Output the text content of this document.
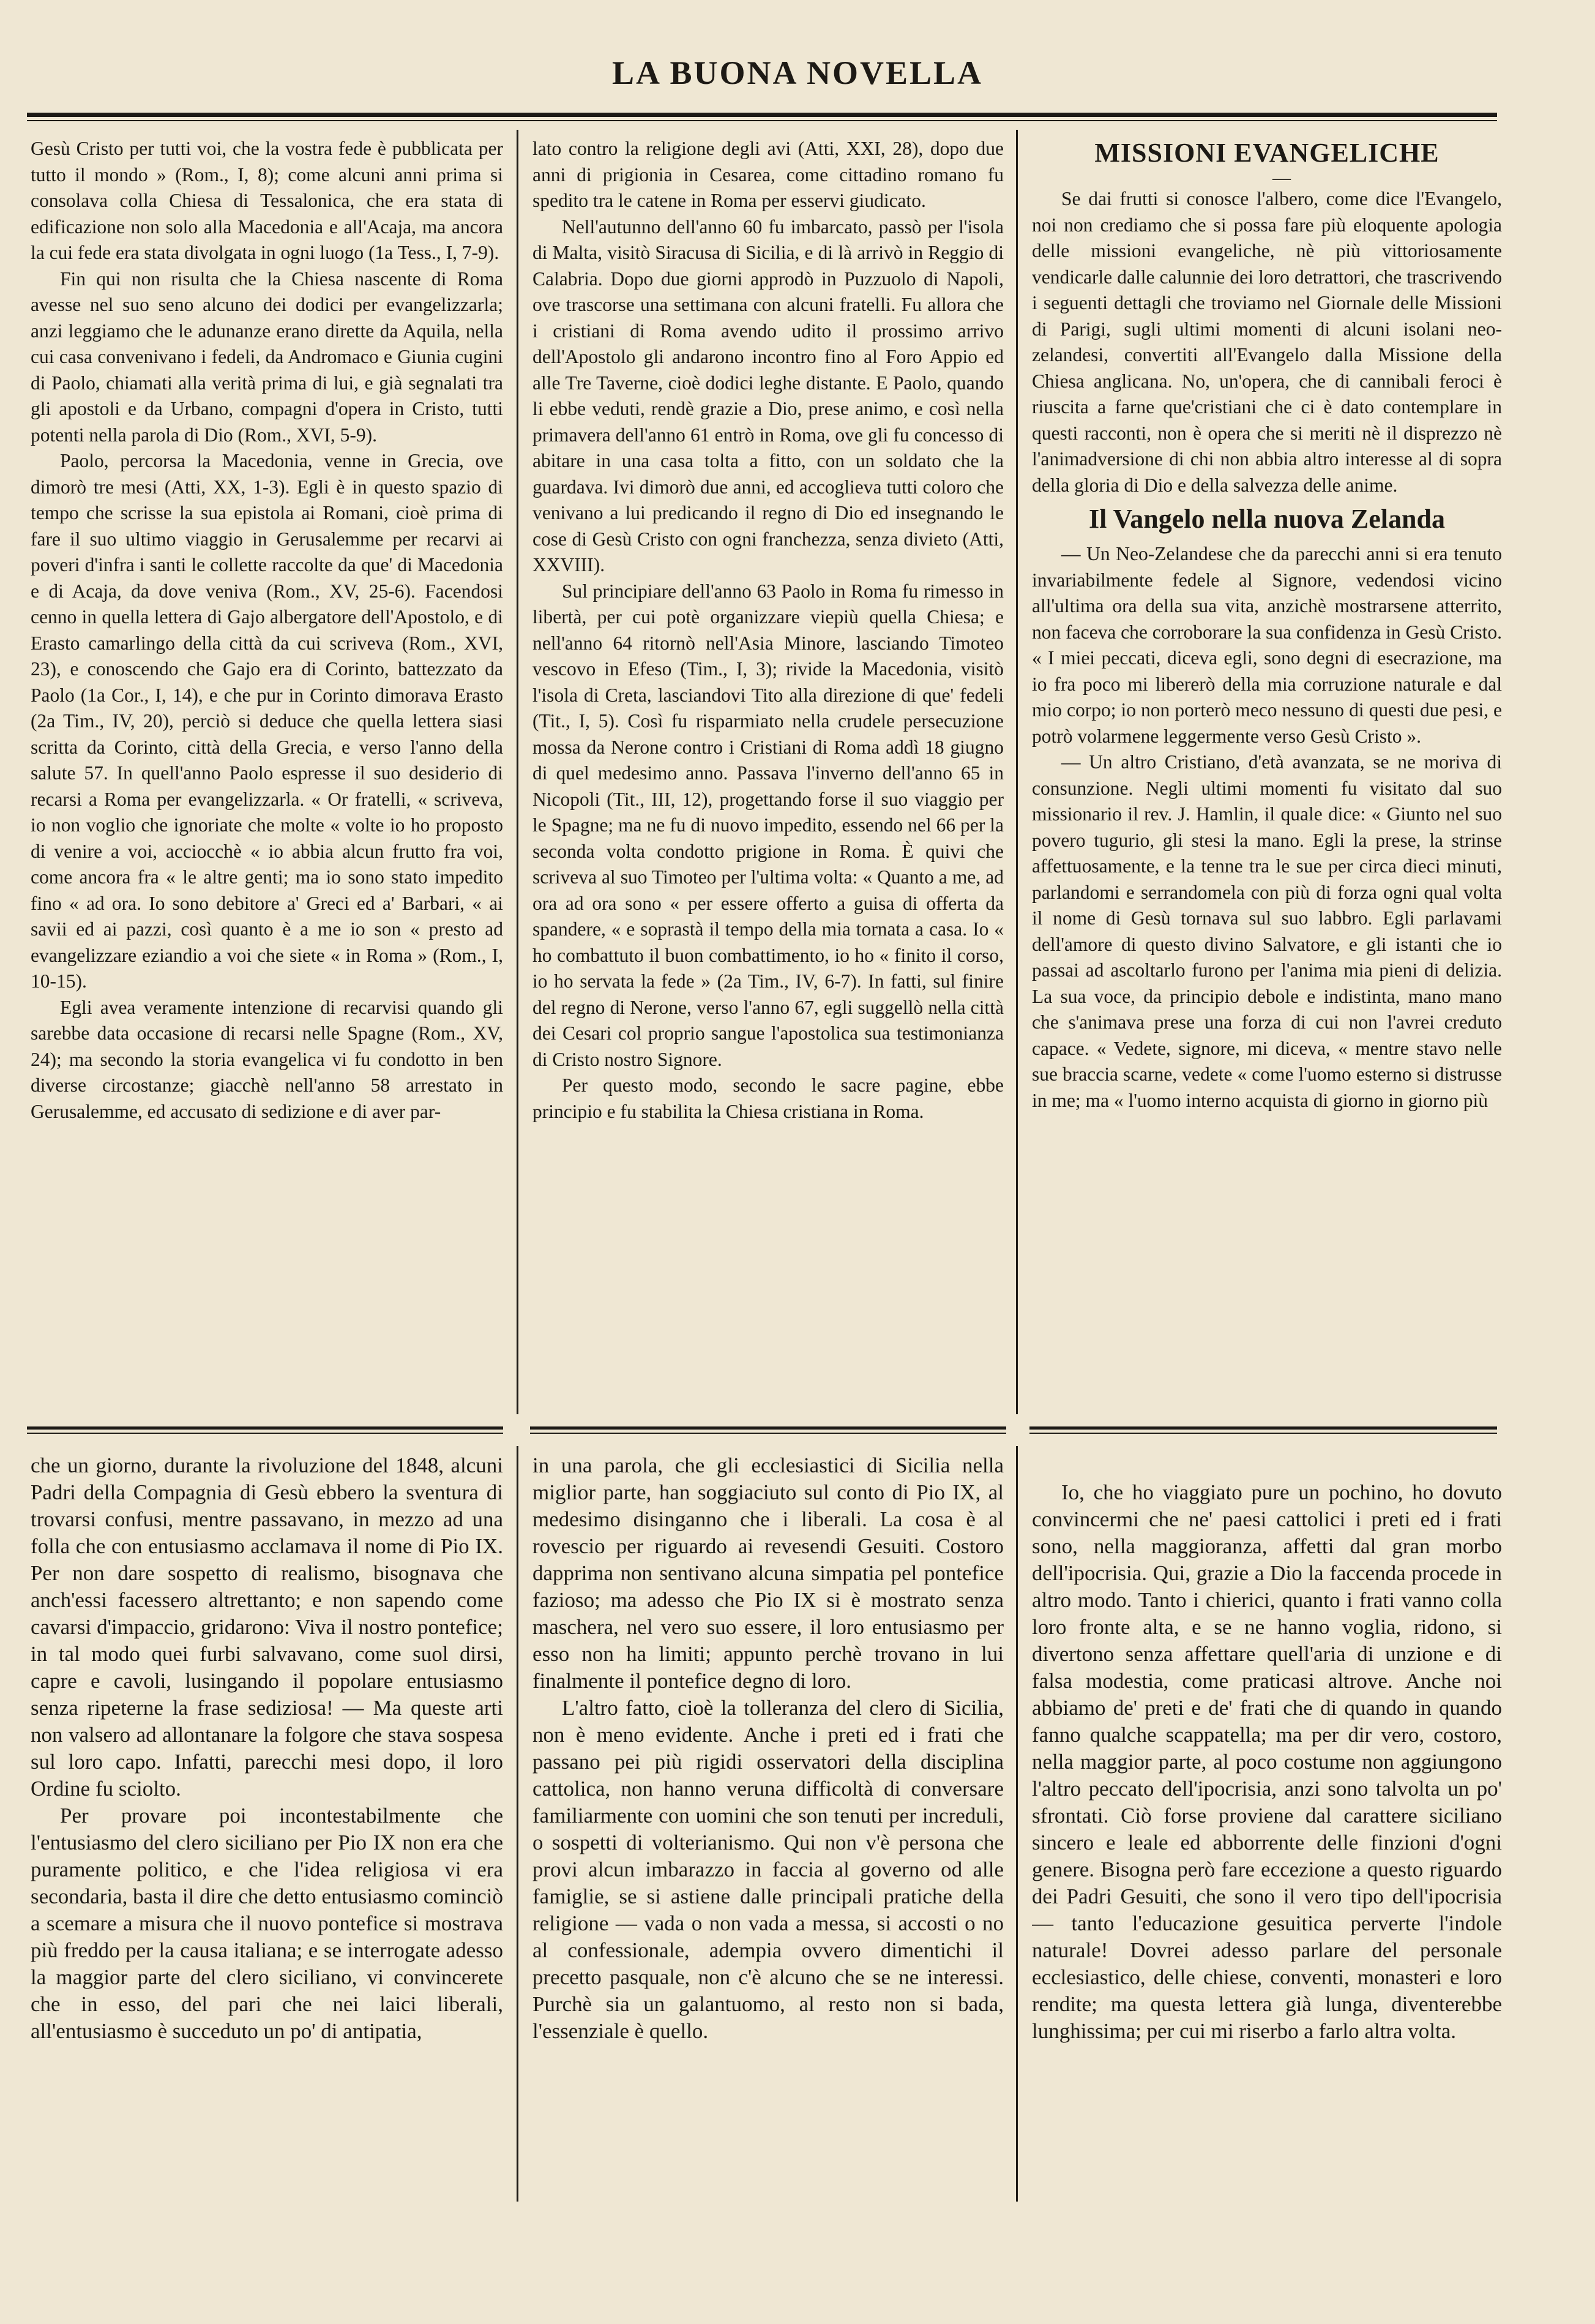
LA BUONA NOVELLA

Gesù Cristo per tutti voi, che la vostra fede è pubblicata per tutto il mondo » (Rom., I, 8); come alcuni anni prima si consolava colla Chiesa di Tessalonica, che era stata di edificazione non solo alla Macedonia e all'Acaja, ma ancora la cui fede era stata divolgata in ogni luogo (1a Tess., I, 7-9).

Fin qui non risulta che la Chiesa nascente di Roma avesse nel suo seno alcuno dei dodici per evangelizzarla; anzi leggiamo che le adunanze erano dirette da Aquila, nella cui casa convenivano i fedeli, da Andromaco e Giunia cugini di Paolo, chiamati alla verità prima di lui, e già segnalati tra gli apostoli e da Urbano, compagni d'opera in Cristo, tutti potenti nella parola di Dio (Rom., XVI, 5-9).

Paolo, percorsa la Macedonia, venne in Grecia, ove dimorò tre mesi (Atti, XX, 1-3). Egli è in questo spazio di tempo che scrisse la sua epistola ai Romani, cioè prima di fare il suo ultimo viaggio in Gerusalemme per recarvi ai poveri d'infra i santi le collette raccolte da que' di Macedonia e di Acaja, da dove veniva (Rom., XV, 25-6). Facendosi cenno in quella lettera di Gajo albergatore dell'Apostolo, e di Erasto camarlingo della città da cui scriveva (Rom., XVI, 23), e conoscendo che Gajo era di Corinto, battezzato da Paolo (1a Cor., I, 14), e che pur in Corinto dimorava Erasto (2a Tim., IV, 20), perciò si deduce che quella lettera siasi scritta da Corinto, città della Grecia, e verso l'anno della salute 57. In quell'anno Paolo espresse il suo desiderio di recarsi a Roma per evangelizzarla. « Or fratelli, « scriveva, io non voglio che ignoriate che molte « volte io ho proposto di venire a voi, acciocchè « io abbia alcun frutto fra voi, come ancora fra « le altre genti; ma io sono stato impedito fino « ad ora. Io sono debitore a' Greci ed a' Barbari, « ai savii ed ai pazzi, così quanto è a me io son « presto ad evangelizzare eziandio a voi che siete « in Roma » (Rom., I, 10-15).

Egli avea veramente intenzione di recarvisi quando gli sarebbe data occasione di recarsi nelle Spagne (Rom., XV, 24); ma secondo la storia evangelica vi fu condotto in ben diverse circostanze; giacchè nell'anno 58 arrestato in Gerusalemme, ed accusato di sedizione e di aver par-

lato contro la religione degli avi (Atti, XXI, 28), dopo due anni di prigionia in Cesarea, come cittadino romano fu spedito tra le catene in Roma per esservi giudicato.

Nell'autunno dell'anno 60 fu imbarcato, passò per l'isola di Malta, visitò Siracusa di Sicilia, e di là arrivò in Reggio di Calabria. Dopo due giorni approdò in Puzzuolo di Napoli, ove trascorse una settimana con alcuni fratelli. Fu allora che i cristiani di Roma avendo udito il prossimo arrivo dell'Apostolo gli andarono incontro fino al Foro Appio ed alle Tre Taverne, cioè dodici leghe distante. E Paolo, quando li ebbe veduti, rendè grazie a Dio, prese animo, e così nella primavera dell'anno 61 entrò in Roma, ove gli fu concesso di abitare in una casa tolta a fitto, con un soldato che la guardava. Ivi dimorò due anni, ed accoglieva tutti coloro che venivano a lui predicando il regno di Dio ed insegnando le cose di Gesù Cristo con ogni franchezza, senza divieto (Atti, XXVIII).

Sul principiare dell'anno 63 Paolo in Roma fu rimesso in libertà, per cui potè organizzare viepiù quella Chiesa; e nell'anno 64 ritornò nell'Asia Minore, lasciando Timoteo vescovo in Efeso (Tim., I, 3); rivide la Macedonia, visitò l'isola di Creta, lasciandovi Tito alla direzione di que' fedeli (Tit., I, 5). Così fu risparmiato nella crudele persecuzione mossa da Nerone contro i Cristiani di Roma addì 18 giugno di quel medesimo anno. Passava l'inverno dell'anno 65 in Nicopoli (Tit., III, 12), progettando forse il suo viaggio per le Spagne; ma ne fu di nuovo impedito, essendo nel 66 per la seconda volta condotto prigione in Roma. È quivi che scriveva al suo Timoteo per l'ultima volta: « Quanto a me, ad ora ad ora sono « per essere offerto a guisa di offerta da spandere, « e soprastà il tempo della mia tornata a casa. Io « ho combattuto il buon combattimento, io ho « finito il corso, io ho servata la fede » (2a Tim., IV, 6-7). In fatti, sul finire del regno di Nerone, verso l'anno 67, egli suggellò nella città dei Cesari col proprio sangue l'apostolica sua testimonianza di Cristo nostro Signore.

Per questo modo, secondo le sacre pagine, ebbe principio e fu stabilita la Chiesa cristiana in Roma.

MISSIONI EVANGELICHE

—

Se dai frutti si conosce l'albero, come dice l'Evangelo, noi non crediamo che si possa fare più eloquente apologia delle missioni evangeliche, nè più vittoriosamente vendicarle dalle calunnie dei loro detrattori, che trascrivendo i seguenti dettagli che troviamo nel Giornale delle Missioni di Parigi, sugli ultimi momenti di alcuni isolani neo-zelandesi, convertiti all'Evangelo dalla Missione della Chiesa anglicana. No, un'opera, che di cannibali feroci è riuscita a farne que'cristiani che ci è dato contemplare in questi racconti, non è opera che si meriti nè il disprezzo nè l'animadversione di chi non abbia altro interesse al di sopra della gloria di Dio e della salvezza delle anime.

Il Vangelo nella nuova Zelanda

— Un Neo-Zelandese che da parecchi anni si era tenuto invariabilmente fedele al Signore, vedendosi vicino all'ultima ora della sua vita, anzichè mostrarsene atterrito, non faceva che corroborare la sua confidenza in Gesù Cristo. « I miei peccati, diceva egli, sono degni di esecrazione, ma io fra poco mi libererò della mia corruzione naturale e dal mio corpo; io non porterò meco nessuno di questi due pesi, e potrò volarmene leggermente verso Gesù Cristo ».

— Un altro Cristiano, d'età avanzata, se ne moriva di consunzione. Negli ultimi momenti fu visitato dal suo missionario il rev. J. Hamlin, il quale dice: « Giunto nel suo povero tugurio, gli stesi la mano. Egli la prese, la strinse affettuosamente, e la tenne tra le sue per circa dieci minuti, parlandomi e serrandomela con più di forza ogni qual volta il nome di Gesù tornava sul suo labbro. Egli parlavami dell'amore di questo divino Salvatore, e gli istanti che io passai ad ascoltarlo furono per l'anima mia pieni di delizia. La sua voce, da principio debole e indistinta, mano mano che s'animava prese una forza di cui non l'avrei creduto capace. « Vedete, signore, mi diceva, « mentre stavo nelle sue braccia scarne, vedete « come l'uomo esterno si distrusse in me; ma « l'uomo interno acquista di giorno in giorno più

che un giorno, durante la rivoluzione del 1848, alcuni Padri della Compagnia di Gesù ebbero la sventura di trovarsi confusi, mentre passavano, in mezzo ad una folla che con entusiasmo acclamava il nome di Pio IX. Per non dare sospetto di realismo, bisognava che anch'essi facessero altrettanto; e non sapendo come cavarsi d'impaccio, gridarono: Viva il nostro pontefice; in tal modo quei furbi salvavano, come suol dirsi, capre e cavoli, lusingando il popolare entusiasmo senza ripeterne la frase sediziosa! — Ma queste arti non valsero ad allontanare la folgore che stava sospesa sul loro capo. Infatti, parecchi mesi dopo, il loro Ordine fu sciolto.

Per provare poi incontestabilmente che l'entusiasmo del clero siciliano per Pio IX non era che puramente politico, e che l'idea religiosa vi era secondaria, basta il dire che detto entusiasmo cominciò a scemare a misura che il nuovo pontefice si mostrava più freddo per la causa italiana; e se interrogate adesso la maggior parte del clero siciliano, vi convincerete che in esso, del pari che nei laici liberali, all'entusiasmo è succeduto un po' di antipatia,

in una parola, che gli ecclesiastici di Sicilia nella miglior parte, han soggiaciuto sul conto di Pio IX, al medesimo disinganno che i liberali. La cosa è al rovescio per riguardo ai revesendi Gesuiti. Costoro dapprima non sentivano alcuna simpatia pel pontefice fazioso; ma adesso che Pio IX si è mostrato senza maschera, nel vero suo essere, il loro entusiasmo per esso non ha limiti; appunto perchè trovano in lui finalmente il pontefice degno di loro.

L'altro fatto, cioè la tolleranza del clero di Sicilia, non è meno evidente. Anche i preti ed i frati che passano pei più rigidi osservatori della disciplina cattolica, non hanno veruna difficoltà di conversare familiarmente con uomini che son tenuti per increduli, o sospetti di volterianismo. Qui non v'è persona che provi alcun imbarazzo in faccia al governo od alle famiglie, se si astiene dalle principali pratiche della religione — vada o non vada a messa, si accosti o no al confessionale, adempia ovvero dimentichi il precetto pasquale, non c'è alcuno che se ne interessi. Purchè sia un galantuomo, al resto non si bada, l'essenziale è quello.

Io, che ho viaggiato pure un pochino, ho dovuto convincermi che ne' paesi cattolici i preti ed i frati sono, nella maggioranza, affetti dal gran morbo dell'ipocrisia. Qui, grazie a Dio la faccenda procede in altro modo. Tanto i chierici, quanto i frati vanno colla loro fronte alta, e se ne hanno voglia, ridono, si divertono senza affettare quell'aria di unzione e di falsa modestia, come praticasi altrove. Anche noi abbiamo de' preti e de' frati che di quando in quando fanno qualche scappatella; ma per dir vero, costoro, nella maggior parte, al poco costume non aggiungono l'altro peccato dell'ipocrisia, anzi sono talvolta un po' sfrontati. Ciò forse proviene dal carattere siciliano sincero e leale ed abborrente delle finzioni d'ogni genere. Bisogna però fare eccezione a questo riguardo dei Padri Gesuiti, che sono il vero tipo dell'ipocrisia — tanto l'educazione gesuitica perverte l'indole naturale! Dovrei adesso parlare del personale ecclesiastico, delle chiese, conventi, monasteri e loro rendite; ma questa lettera già lunga, diventerebbe lunghissima; per cui mi riserbo a farlo altra volta.
